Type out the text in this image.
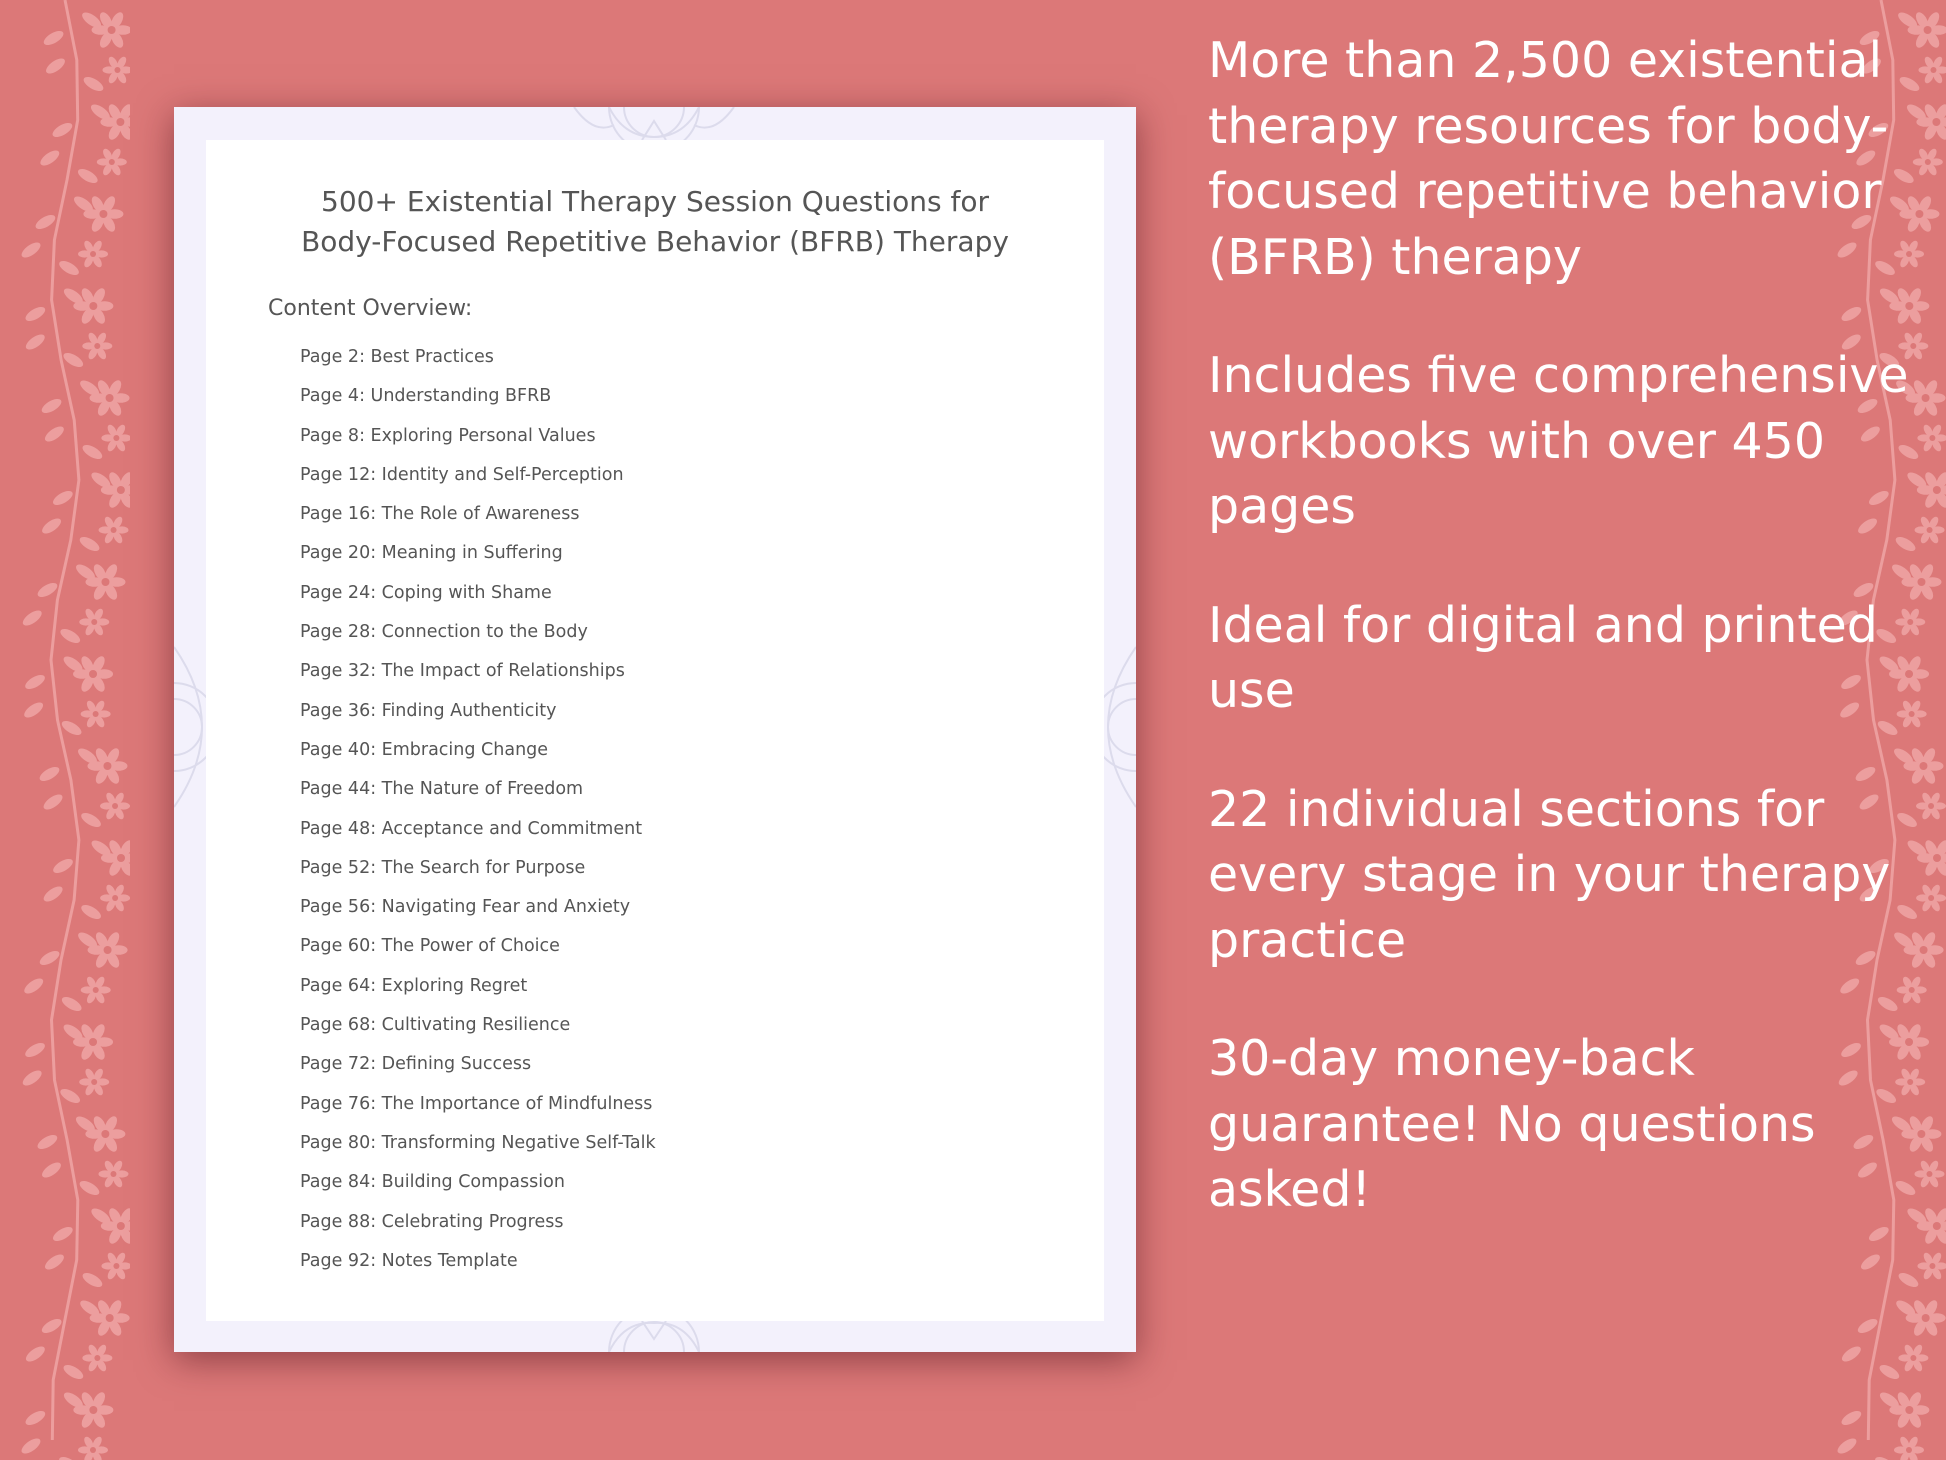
500+ Existential Therapy Session Questions for
Body-Focused Repetitive Behavior (BFRB) Therapy
Content Overview:
Page 2: Best Practices
Page 4: Understanding BFRB
Page 8: Exploring Personal Values
Page 12: Identity and Self-Perception
Page 16: The Role of Awareness
Page 20: Meaning in Suffering
Page 24: Coping with Shame
Page 28: Connection to the Body
Page 32: The Impact of Relationships
Page 36: Finding Authenticity
Page 40: Embracing Change
Page 44: The Nature of Freedom
Page 48: Acceptance and Commitment
Page 52: The Search for Purpose
Page 56: Navigating Fear and Anxiety
Page 60: The Power of Choice
Page 64: Exploring Regret
Page 68: Cultivating Resilience
Page 72: Defining Success
Page 76: The Importance of Mindfulness
Page 80: Transforming Negative Self-Talk
Page 84: Building Compassion
Page 88: Celebrating Progress
Page 92: Notes Template

More than 2,500 existential therapy resources for body-focused repetitive behavior (BFRB) therapy

Includes five comprehensive workbooks with over 450 pages

Ideal for digital and printed use

22 individual sections for every stage in your therapy practice

30-day money-back guarantee! No questions asked!
